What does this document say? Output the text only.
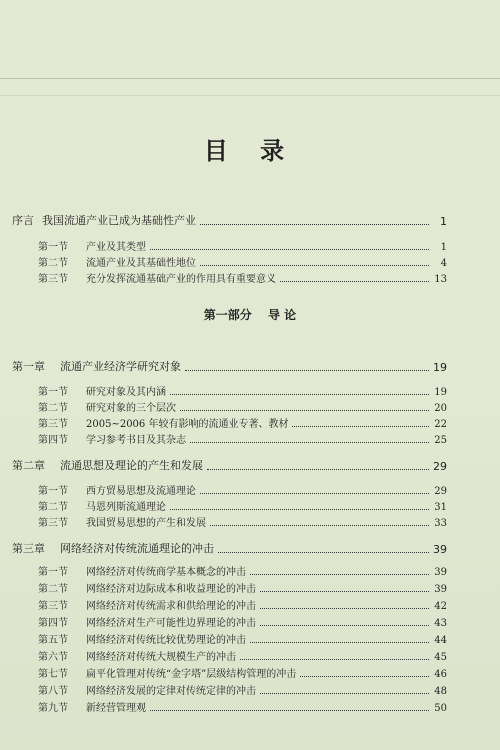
目 录
序言 我国流通产业已成为基础性产业	1
第一节	产业及其类型	1
第二节	流通产业及其基础性地位	4
第三节	充分发挥流通基础产业的作用具有重要意义	13
第一部分 导 论
第一章	流通产业经济学研究对象	19
第一节	研究对象及其内涵	19
第二节	研究对象的三个层次	20
第三节	2005~2006 年较有影响的流通业专著、教材	22
第四节	学习参考书目及其杂志	25
第二章	流通思想及理论的产生和发展	29
第一节	西方贸易思想及流通理论	29
第二节	马恩列斯流通理论	31
第三节	我国贸易思想的产生和发展	33
第三章	网络经济对传统流通理论的冲击	39
第一节	网络经济对传统商学基本概念的冲击	39
第二节	网络经济对边际成本和收益理论的冲击	39
第三节	网络经济对传统需求和供给理论的冲击	42
第四节	网络经济对生产可能性边界理论的冲击	43
第五节	网络经济对传统比较优势理论的冲击	44
第六节	网络经济对传统大规模生产的冲击	45
第七节	扁平化管理对传统“金字塔”层级结构管理的冲击	46
第八节	网络经济发展的定律对传统定律的冲击	48
第九节	新经营管理观	50
